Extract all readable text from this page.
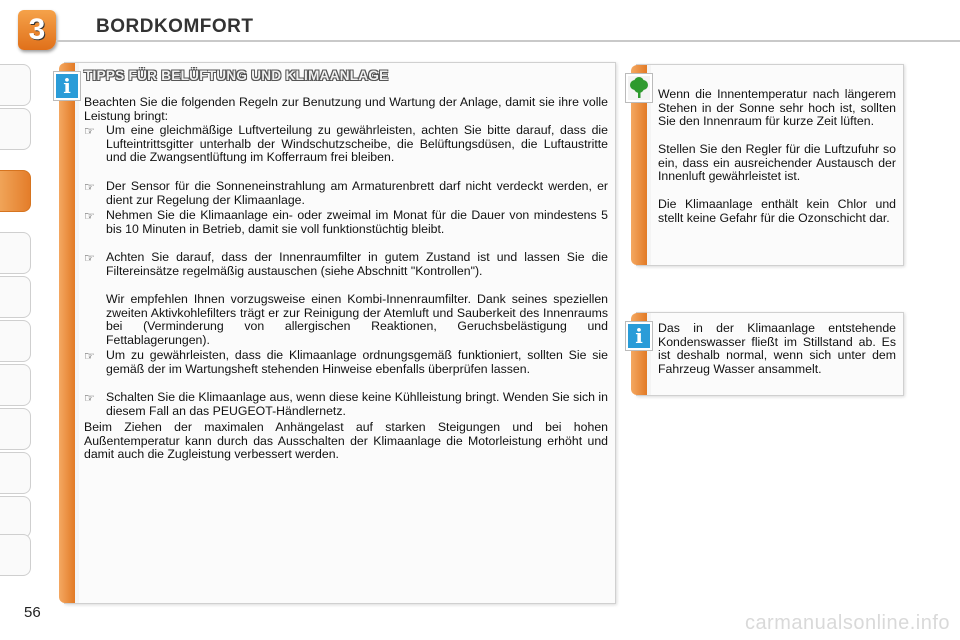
3	BORDKOMFORT
56
i TIPPS FÜR BELÜFTUNG UND KLIMAANLAGE
Beachten Sie die folgenden Regeln zur Benutzung und Wartung der Anlage, damit sie ihre volle Leistung bringt:
☞ Um eine gleichmäßige Luftverteilung zu gewährleisten, achten Sie bitte darauf, dass die Lufteintrittsgitter unterhalb der Windschutzscheibe, die Belüftungsdüsen, die Luftaustritte und die Zwangsentlüftung im Kofferraum frei bleiben.
☞ Der Sensor für die Sonneneinstrahlung am Armaturenbrett darf nicht verdeckt werden, er dient zur Regelung der Klimaanlage.
☞ Nehmen Sie die Klimaanlage ein- oder zweimal im Monat für die Dauer von mindestens 5 bis 10 Minuten in Betrieb, damit sie voll funktionstüchtig bleibt.
☞ Achten Sie darauf, dass der Innenraumfilter in gutem Zustand ist und lassen Sie die Filtereinsätze regelmäßig austauschen (siehe Abschnitt "Kontrollen").
Wir empfehlen Ihnen vorzugsweise einen Kombi-Innenraumfilter. Dank seines speziellen zweiten Aktivkohlefilters trägt er zur Reinigung der Atemluft und Sauberkeit des Innenraums bei (Verminderung von allergischen Reaktionen, Geruchsbelästigung und Fettablagerungen).
☞ Um zu gewährleisten, dass die Klimaanlage ordnungsgemäß funktioniert, sollten Sie sie gemäß der im Wartungsheft stehenden Hinweise ebenfalls überprüfen lassen.
☞ Schalten Sie die Klimaanlage aus, wenn diese keine Kühlleistung bringt. Wenden Sie sich in diesem Fall an das PEUGEOT-Händlernetz.
Beim Ziehen der maximalen Anhängelast auf starken Steigungen und bei hohen Außentemperatur kann durch das Ausschalten der Klimaanlage die Motorleistung erhöht und damit auch die Zugleistung verbessert werden.
Wenn die Innentemperatur nach längerem Stehen in der Sonne sehr hoch ist, sollten Sie den Innenraum für kurze Zeit lüften.
Stellen Sie den Regler für die Luftzufuhr so ein, dass ein ausreichender Austausch der Innenluft gewährleistet ist.
Die Klimaanlage enthält kein Chlor und stellt keine Gefahr für die Ozonschicht dar.
i	Das in der Klimaanlage entstehende Kondenswasser fließt im Stillstand ab. Es ist deshalb normal, wenn sich unter dem Fahrzeug Wasser ansammelt.
carmanualsonline.info
